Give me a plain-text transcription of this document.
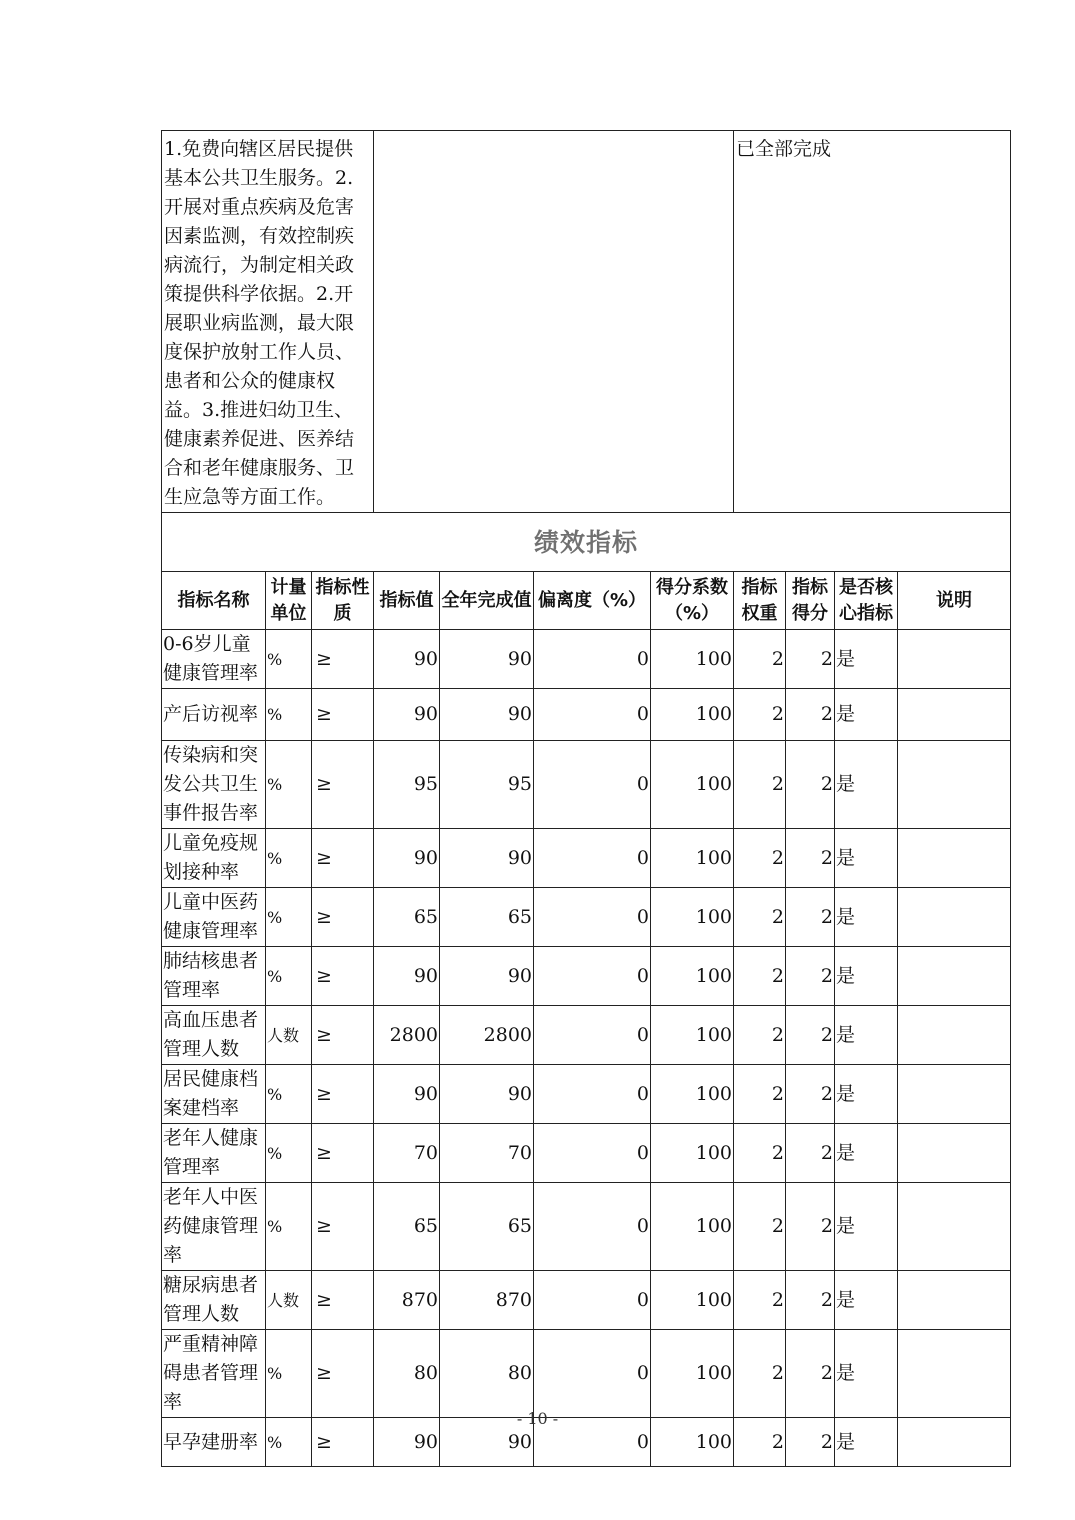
1.免费向辖区居民提供基本公共卫生服务。2.开展对重点疾病及危害因素监测，有效控制疾病流行，为制定相关政策提供科学依据。2.开展职业病监测，最大限度保护放射工作人员、患者和公众的健康权益。3.推进妇幼卫生、健康素养促进、医养结合和老年健康服务、卫生应急等方面工作。							已全部完成			
绩效指标										
指标名称	计量单位	指标性质	指标值	全年完成值	偏离度（%）	得分系数（%）	指标权重	指标得分	是否核心指标	说明
0-6岁儿童健康管理率	%	≥	90	90	0	100	2	2	是	
产后访视率	%	≥	90	90	0	100	2	2	是	
传染病和突发公共卫生事件报告率	%	≥	95	95	0	100	2	2	是	
儿童免疫规划接种率	%	≥	90	90	0	100	2	2	是	
儿童中医药健康管理率	%	≥	65	65	0	100	2	2	是	
肺结核患者管理率	%	≥	90	90	0	100	2	2	是	
高血压患者管理人数	人数	≥	2800	2800	0	100	2	2	是	
居民健康档案建档率	%	≥	90	90	0	100	2	2	是	
老年人健康管理率	%	≥	70	70	0	100	2	2	是	
老年人中医药健康管理率	%	≥	65	65	0	100	2	2	是	
糖尿病患者管理人数	人数	≥	870	870	0	100	2	2	是	
严重精神障碍患者管理率	%	≥	80	80	0	100	2	2	是	
早孕建册率	%	≥	90	90	0	100	2	2	是	
- 10 -
